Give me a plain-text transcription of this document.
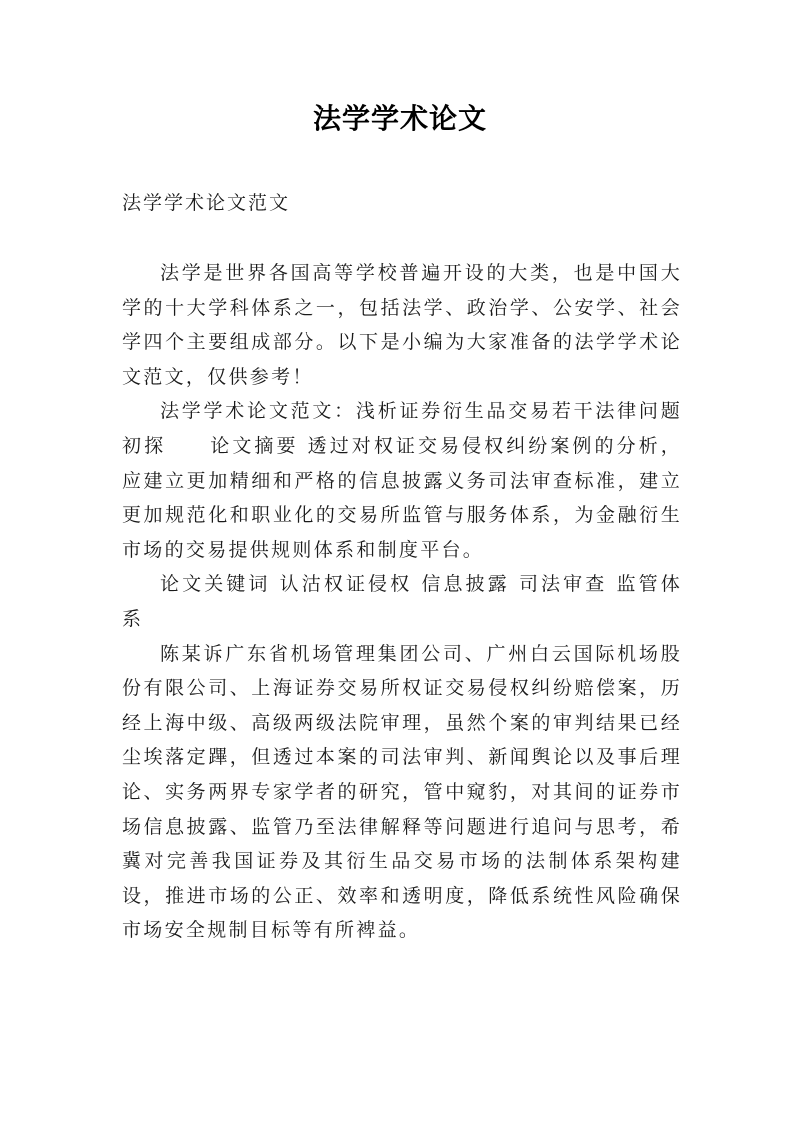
法学学术论文
法学学术论文范文

法学是世界各国高等学校普遍开设的大类，也是中国大学的十大学科体系之一，包括法学、政治学、公安学、社会学四个主要组成部分。以下是小编为大家准备的法学学术论文范文，仅供参考！

法学学术论文范文：浅析证券衍生品交易若干法律问题初探　　论文摘要 透过对权证交易侵权纠纷案例的分析，应建立更加精细和严格的信息披露义务司法审查标准，建立更加规范化和职业化的交易所监管与服务体系，为金融衍生市场的交易提供规则体系和制度平台。

论文关键词 认沽权证侵权 信息披露 司法审查 监管体系

陈某诉广东省机场管理集团公司、广州白云国际机场股份有限公司、上海证券交易所权证交易侵权纠纷赔偿案，历经上海中级、高级两级法院审理，虽然个案的审判结果已经尘埃落定蹕，但透过本案的司法审判、新闻舆论以及事后理论、实务两界专家学者的研究，管中窥豹，对其间的证券市场信息披露、监管乃至法律解释等问题进行追问与思考，希冀对完善我国证券及其衍生品交易市场的法制体系架构建设，推进市场的公正、效率和透明度，降低系统性风险确保市场安全规制目标等有所裨益。
